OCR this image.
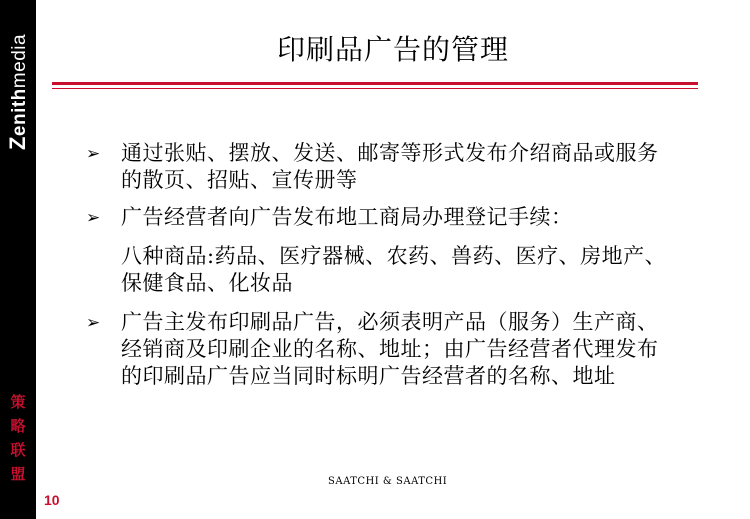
Zenithmedia
策
略
联
盟
10
印刷品广告的管理
➢ 通过张贴、摆放、发送、邮寄等形式发布介绍商品或服务的散页、招贴、宣传册等
➢ 广告经营者向广告发布地工商局办理登记手续：
八种商品:药品、医疗器械、农药、兽药、医疗、房地产、保健食品、化妆品
➢ 广告主发布印刷品广告，必须表明产品（服务）生产商、经销商及印刷企业的名称、地址；由广告经营者代理发布的印刷品广告应当同时标明广告经营者的名称、地址
SAATCHI & SAATCHI
